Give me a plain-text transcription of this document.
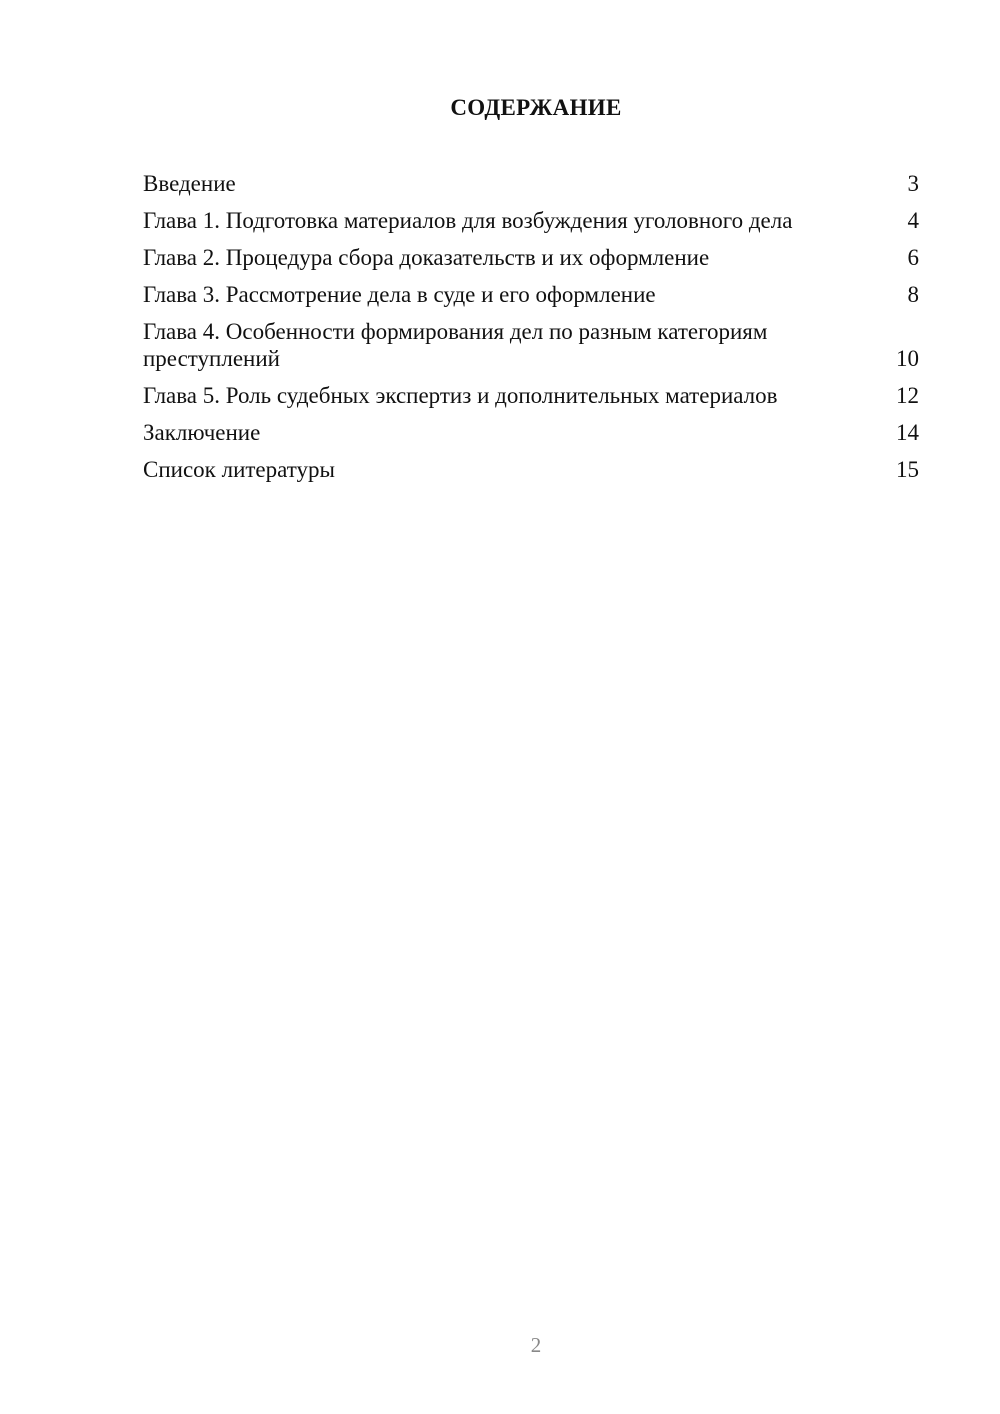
СОДЕРЖАНИЕ
Введение	3
Глава 1. Подготовка материалов для возбуждения уголовного дела	4
Глава 2. Процедура сбора доказательств и их оформление	6
Глава 3. Рассмотрение дела в суде и его оформление	8
Глава 4. Особенности формирования дел по разным категориям преступлений	10
Глава 5. Роль судебных экспертиз и дополнительных материалов	12
Заключение	14
Список литературы	15
2
